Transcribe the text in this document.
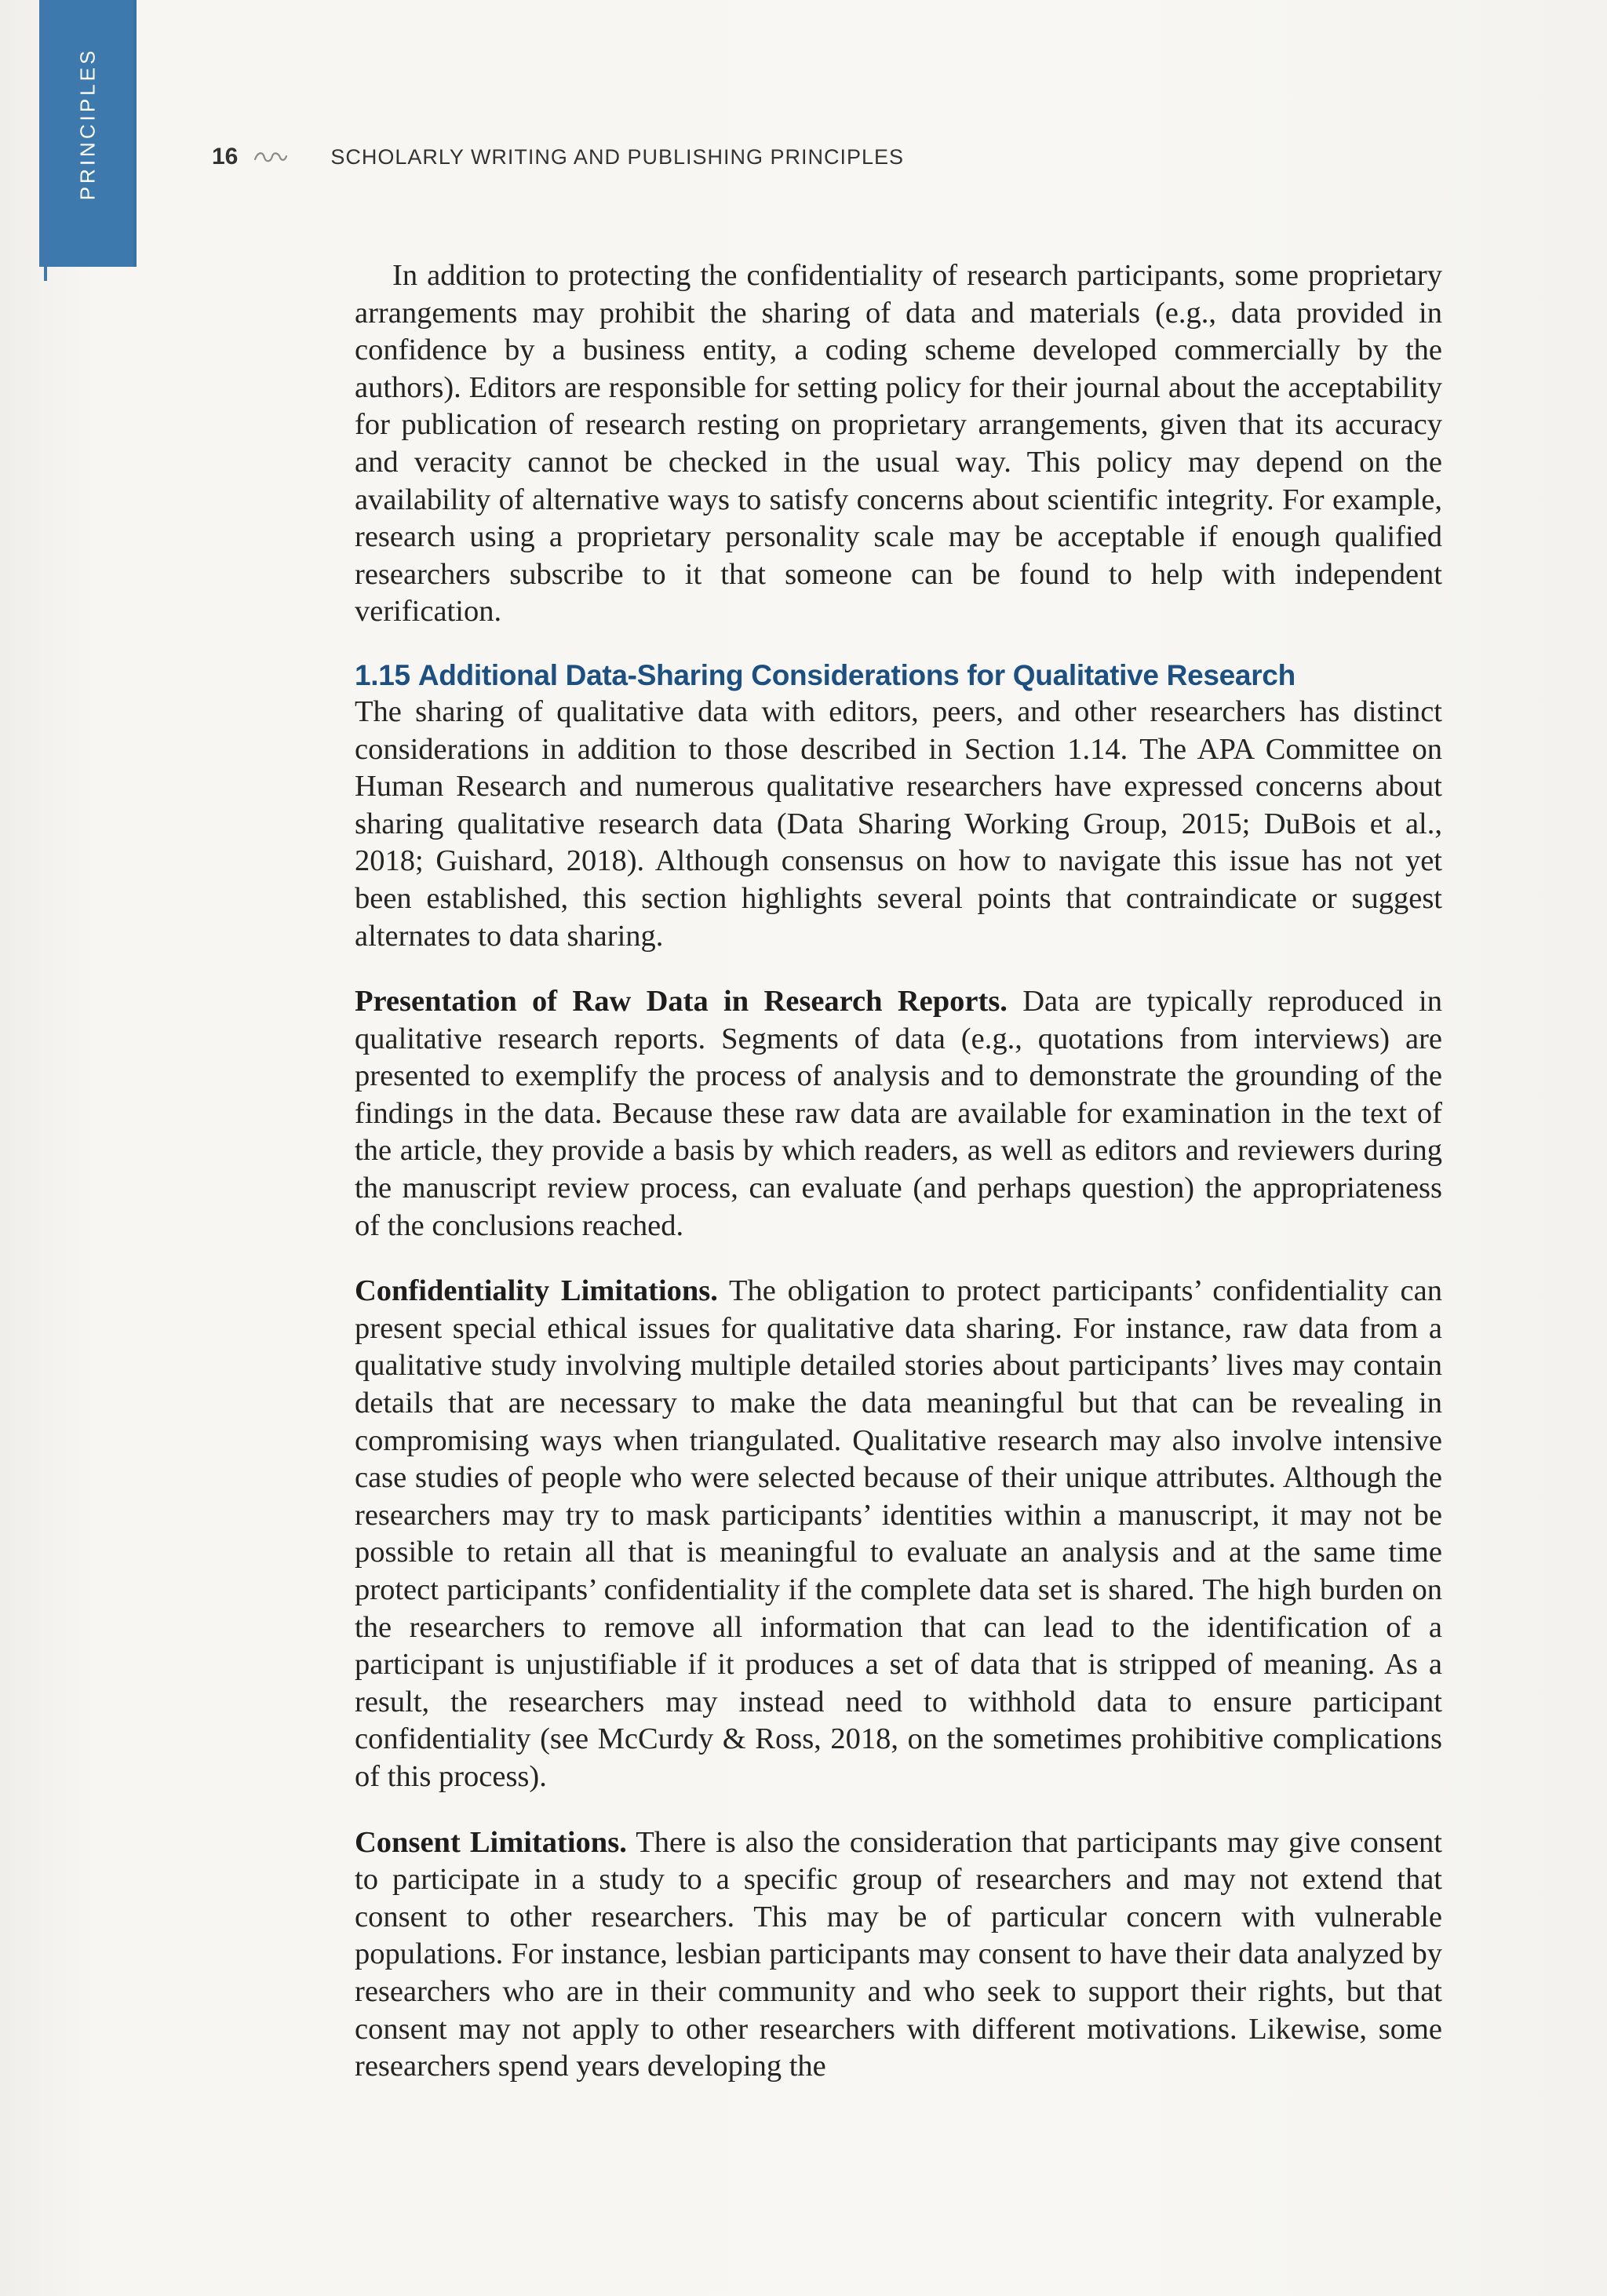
PRINCIPLES	16	SCHOLARLY WRITING AND PUBLISHING PRINCIPLES

In addition to protecting the confidentiality of research participants, some proprietary arrangements may prohibit the sharing of data and materials (e.g., data provided in confidence by a business entity, a coding scheme developed commercially by the authors). Editors are responsible for setting policy for their journal about the acceptability for publication of research resting on proprietary arrangements, given that its accuracy and veracity cannot be checked in the usual way. This policy may depend on the availability of alternative ways to satisfy concerns about scientific integrity. For example, research using a proprietary personality scale may be acceptable if enough qualified researchers subscribe to it that someone can be found to help with independent verification.

1.15 Additional Data-Sharing Considerations for Qualitative Research

The sharing of qualitative data with editors, peers, and other researchers has distinct considerations in addition to those described in Section 1.14. The APA Committee on Human Research and numerous qualitative researchers have expressed concerns about sharing qualitative research data (Data Sharing Working Group, 2015; DuBois et al., 2018; Guishard, 2018). Although consensus on how to navigate this issue has not yet been established, this section highlights several points that contraindicate or suggest alternates to data sharing.

Presentation of Raw Data in Research Reports. Data are typically reproduced in qualitative research reports. Segments of data (e.g., quotations from interviews) are presented to exemplify the process of analysis and to demonstrate the grounding of the findings in the data. Because these raw data are available for examination in the text of the article, they provide a basis by which readers, as well as editors and reviewers during the manuscript review process, can evaluate (and perhaps question) the appropriateness of the conclusions reached.

Confidentiality Limitations. The obligation to protect participants’ confidentiality can present special ethical issues for qualitative data sharing. For instance, raw data from a qualitative study involving multiple detailed stories about participants’ lives may contain details that are necessary to make the data meaningful but that can be revealing in compromising ways when triangulated. Qualitative research may also involve intensive case studies of people who were selected because of their unique attributes. Although the researchers may try to mask participants’ identities within a manuscript, it may not be possible to retain all that is meaningful to evaluate an analysis and at the same time protect participants’ confidentiality if the complete data set is shared. The high burden on the researchers to remove all information that can lead to the identification of a participant is unjustifiable if it produces a set of data that is stripped of meaning. As a result, the researchers may instead need to withhold data to ensure participant confidentiality (see McCurdy & Ross, 2018, on the sometimes prohibitive complications of this process).

Consent Limitations. There is also the consideration that participants may give consent to participate in a study to a specific group of researchers and may not extend that consent to other researchers. This may be of particular concern with vulnerable populations. For instance, lesbian participants may consent to have their data analyzed by researchers who are in their community and who seek to support their rights, but that consent may not apply to other researchers with different motivations. Likewise, some researchers spend years developing the
